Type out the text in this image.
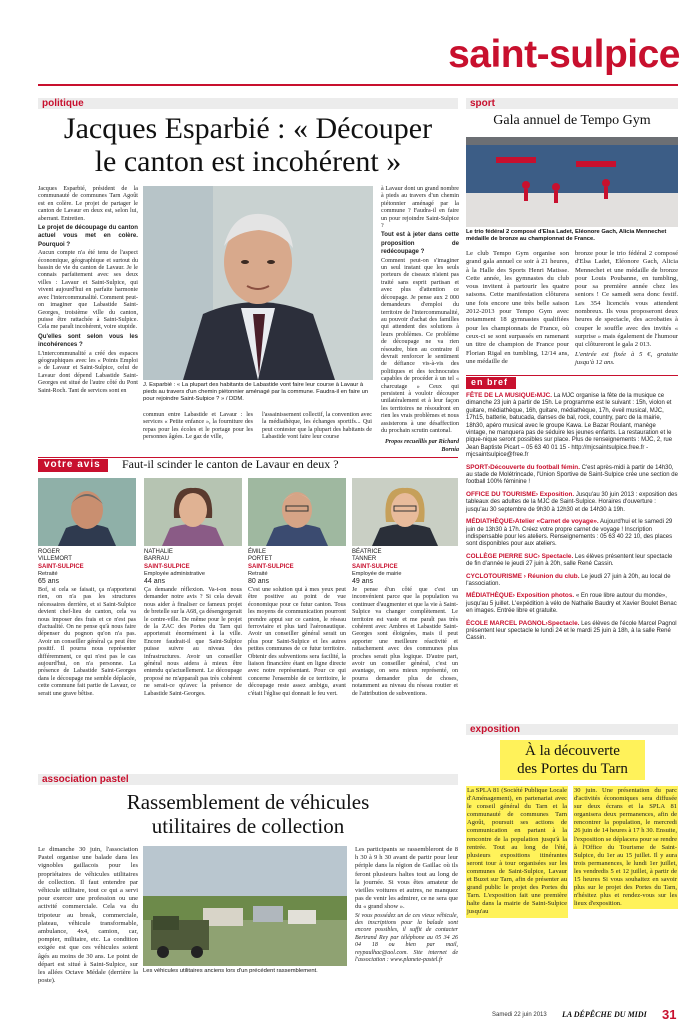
saint-sulpice
politique
Jacques Esparbié : « Découper
le canton est incohérent »

Jacques Esparbié, président de la communauté de communes Tarn Agoût est en colère. Le projet de partager le canton de Lavaur en deux est, selon lui, aberrant. Entretien.

Le projet de découpage du canton actuel vous met en colère. Pourquoi ?

Aucun compte n'a été tenu de l'aspect économique, géographique et surtout du bassin de vie du canton de Lavaur. Je le connais parfaitement avec ses deux villes : Lavaur et Saint-Sulpice, qui vivent aujourd'hui en parfaite harmonie avec l'intercommunalité. Comment peut-on imaginer que Labastide Saint-Georges, troisième ville du canton, puisse être rattachée à Saint-Sulpice. Cela me paraît incohérent, voire stupide.

Qu'elles sont selon vous les incohérences ?

L'intercommunalité a créé des espaces géographiques avec les « Points Emploi » de Lavaur et Saint-Sulpice, celui de Lavaur dont dépend Labastide Saint-Georges est situé de l'autre côté du Pont Saint-Roch. Tant de services sont en

J. Esparbié : « La plupart des habitants de Labastide vont faire leur course à Lavaur à pieds au travers d'un chemin piétonnier aménagé par la commune. Faudra-il en faire un pour rejoindre Saint-Sulpice ? » / DDM.
commun entre Labastide et Lavaur : les services « Petite enfance », la fourniture des repas pour les écoles et le portage pour les personnes âgées. Le gaz de ville,
l'assainissement collectif, la convention avec la médiathèque, les échanges sportifs... Qui peut contester que la plupart des habitants de Labastide vont faire leur course

à Lavaur dont un grand nombre à pieds au travers d'un chemin piétonnier aménagé par la commune ? Faudra-il en faire un pour rejoindre Saint-Sulpice ?

Tout est à jeter dans cette proposition de redécoupage ?

Comment peut-on s'imaginer un seul instant que les seuls porteurs de ciseaux n'aient pas traité sans esprit partisan et avec plus d'attention ce découpage. Je pense aux 2 000 demandeurs d'emploi du territoire de l'intercommunalité, au pouvoir d'achat des familles qui attendent des solutions à leurs problèmes. Ce problème de découpage ne va rien résoudre, bien au contraire il devrait renforcer le sentiment de défiance vis-à-vis des politiques et des technocrates capables de procéder à un tel « charcutage » Ceux qui persistent à vouloir découper unilatéralement et à leur façon les territoires ne résoudront en rien les vrais problèmes et nous assisterons à une désaffection du prochain scrutin cantonal.

Propos recueillis par Richard Bornia

votre avis Faut-il scinder le canton de Lavaur en deux ?
ROGER
VILLEMORT
SAINT-SULPICE
Retraité
65 ans
Bof, si cela se faisait, ça n'apporterai rien, on n'a pas les structures nécessaires derrière, et si Saint-Sulpice devient chef-lieu de canton, cela va nous imposer des frais et ce n'est pas d'actualité. On ne pense qu'à nous faire dépenser du pognon qu'on n'a pas. Avoir un conseiller général ça peut être positif. Il pourra nous représenter différemment, ce qui n'est pas le cas aujourd'hui, on n'a personne. La présence de Labastide Saint-Georges dans le découpage me semble déplacée, cette commune fait partie de Lavaur, ce serait une grave bêtise.
NATHALIE
BARRAU
SAINT-SULPICE
Employée administrative
44 ans
Ça demande réflexion. Va-t-on nous demander notre avis ? Si cela devait nous aider à finaliser ce fameux projet de bretelle sur la A68, ça désengorgerait le centre-ville. De même pour le projet de la ZAC des Portes du Tarn qui apporterait énormément à la ville. Encore faudrait-il que Saint-Sulpice puisse suivre au niveau des infrastructures. Avoir un conseiller général nous aidera à mieux être entendu qu'actuellement. Le découpage proposé ne m'apparaît pas très cohérent ne serait-ce qu'avec la présence de Labastide Saint-Georges.
ÉMILE
PORTET
SAINT-SULPICE
Retraité
80 ans
C'est une solution qui à mes yeux peut être positive au point de vue économique pour ce futur canton. Tous les moyens de communication pourront prendre appui sur ce canton, le réseau ferroviaire et plus tard l'aéronautique. Avoir un conseiller général serait un plus pour Saint-Sulpice et les autres petites communes de ce futur territoire. Obtenir des subventions sera facilité, la liaison financière étant en ligne directe avec notre représentant. Pour ce qui concerne l'ensemble de ce territoire, le découpage reste assez ambigu, avant c'était l'église qui donnait le feu vert.
BÉATRICE
TANNER
SAINT-SULPICE
Employée de mairie
49 ans
Je pense d'un côté que c'est un inconvénient parce que la population va continuer d'augmenter et que la vie à Saint-Sulpice va changer complètement. Le territoire est vaste et me paraît pas très cohérent avec Ambres et Labastide Saint-Georges sont éloignées, mais il peut apporter une meilleure réactivité et rattachement avec des communes plus proches serait plus logique. D'autre part, avoir un conseiller général, c'est un avantage, on sera mieux représenté, on pourra demander plus de choses, notamment au niveau du réseau routier et de l'attribution de subventions.
association pastel
Rassemblement de véhicules
utilitaires de collection
Le dimanche 30 juin, l'association Pastel organise une balade dans les vignobles gaillacois pour les propriétaires de véhicules utilitaires de collection. Il faut entendre par véhicule utilitaire, tout ce qui a servi pour exercer une profession ou une activité commerciale. Cela va du tripoteur au break, commerciale, plateau, véhicule transformable, ambulance, 4x4, camion, car, pompier, militaire, etc. La condition exigée est que ces véhicules soient âgés au moins de 30 ans. Le point de départ est situé à Saint-Sulpice, sur les allées Octave Médale (derrière la poste).
Les véhicules utilitaires anciens lors d'un précédent rassemblement.

Les participants se rassembleront de 8 h 30 à 9 h 30 avant de partir pour leur périple dans la région de Gaillac où ils feront plusieurs haltes tout au long de la journée. Si vous êtes amateur de vieilles voitures et autres, ne manquez pas de venir les admirer, ce ne sera que du « grand show ».

Si vous possédez un de ces vieux véhicule, des inscriptions pour la balade sont encore possibles, il suffit de contacter Bertrand Rey par téléphone au 05 34 26 04 18 ou bien par mail, reypaulhac@aol.com. Site internet de l'association : www.planete-pastel.fr

sport
Gala annuel de Tempo Gym
Le trio fédéral 2 composé d'Elsa Ladet, Eléonore Gach, Alicia Mennechet médaille de bronze au championnat de France.
Le club Tempo Gym organise son grand gala annuel ce soir à 21 heures, à la Halle des Sports Henri Matisse. Cette année, les gymnastes du club vous invitent à partourir les quatre saisons. Cette manifestation clôturera une fois encore une très belle saison 2012-2013 pour Tempo Gym avec notamment 18 gymnastes qualifiées pour les championnats de France, où ceux-ci se sont surpassés en ramenant un titre de champion de France pour Florian Rigal en tumbling, 12/14 ans, une médaille de

bronze pour le trio fédéral 2 composé d'Elsa Ladet, Eléonore Gach, Alicia Mennechet et une médaille de bronze pour Louis Poubanne, en tumbling, pour sa première année chez les seniors ! Ce samedi sera donc festif. Les 354 licenciés vous attendent nombreux. Ils vous proposeront deux heures de spectacle, des acrobaties à couper le souffle avec des invités « surprise » mais également de l'humour qui clôtureront le gala 2 013.

L'entrée est fixée à 5 €, gratuite jusqu'à 12 ans.

en bref
FÊTE DE LA MUSIQUE›MJC. La MJC organise la fête de la musique ce dimanche 23 juin à partir de 15h. Le programme est le suivant : 15h, violon et guitare, médiathèque, 16h, guitare, médiathèque, 17h, éveil musical, MJC, 17h15, batterie, batucada, danses de bal, rock, country, parc de la mairie, 18h30, apéro musical avec le groupe Kawa. Le Bazar Roulant, manège vintage, ne manquera pas de séduire les jeunes enfants. La restauration et le pique-nique seront possibles sur place. Plus de renseignements : MJC, 2, rue Jean Baptiste Picart – 05 63 40 01 15 - http://mjcsaintsulpice.free.fr - mjcsaintsulpice@free.fr
SPORT›Découverte du football fémin. C'est après-midi à partir de 14h30, au stade de Molétrincade, l'Union Sportive de Saint-Sulpice crée une section de football 100% féminine !
OFFICE DU TOURISME› Exposition. Jusqu'au 30 juin 2013 : exposition des tableaux des adultes de la MJC de Saint-Sulpice. Horaires d'ouverture : jusqu'au 30 septembre de 9h30 à 12h30 et de 14h30 à 19h.
MÉDIATHÈQUE›Atelier «Carnet de voyage». Aujourd'hui et le samedi 29 juin de 13h30 à 17h. Créez votre propre carnet de voyage ! Inscription indispensable pour les ateliers. Renseignements : 05 63 40 22 10, des places sont disponibles pour aux ateliers.
COLLÈGE PIERRE SUC› Spectacle. Les élèves présentent leur spectacle de fin d'année le jeudi 27 juin à 20h, salle René Cassin.
CYCLOTOURISME › Réunion du club. Le jeudi 27 juin à 20h, au local de l'association.
MÉDIATHÈQUE› Exposition photos. « En roue libre autour du monde», jusqu'au 5 juillet. L'expédition à vélo de Nathalie Baudry et Xavier Boulet Benac en images. Entrée libre et gratuite.
ÉCOLE MARCEL PAGNOL›Spectacle. Les élèves de l'école Marcel Pagnol présentent leur spectacle le lundi 24 et le mardi 25 juin à 18h, à la salle René Cassin.
exposition
À la découverte
des Portes du Tarn
La SPLA 81 (Société Publique Locale d'Aménagement), en partenariat avec le conseil général du Tarn et la communauté de communes Tarn Agoût, poursuit ses actions de communication en partant à la rencontre de la population jusqu'à la rentrée. Tout au long de l'été, plusieurs expositions itinérantes seront tour à tour organisées sur les communes de Saint-Sulpice, Lavaur et Buzet sur Tarn, afin de présenter au grand public le projet des Portes du Tarn. L'exposition fait une première halte dans la mairie de Saint-Sulpice jusqu'au
30 juin. Une présentation du parc d'activités économiques sera diffusée sur deux écrans et la SPLA 81 organisera deux permanences, afin de rencontrer la population, le mercredi 26 juin de 14 heures à 17 h 30. Ensuite, l'exposition se déplacera pour se rendre à l'Office du Tourisme de Saint-Sulpice, du 1er au 15 juillet. Il y aura trois permanences, le lundi 1er juillet, les vendredis 5 et 12 juillet, à partir de 15 heures Si vous souhaitez en savoir plus sur le projet des Portes du Tarn, n'hésitez plus et rendez-vous sur les lieux d'exposition.
Samedi 22 juin 2013 LA DÉPÊCHE DU MIDI 31
